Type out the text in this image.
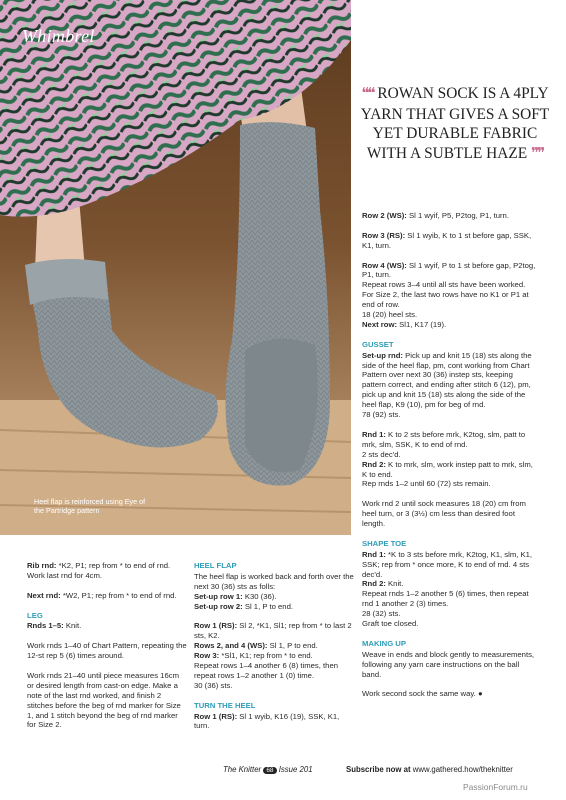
Whimbrel
Heel flap is reinforced using Eye of the Partridge pattern
❝❝ ROWAN SOCK IS A 4PLY YARN THAT GIVES A SOFT YET DURABLE FABRIC WITH A SUBTLE HAZE ❞❞

Rib rnd: *K2, P1; rep from * to end of rnd. Work last rnd for 4cm.

Next rnd: *W2, P1; rep from * to end of rnd.

LEG

Rnds 1–5: Knit.

Work rnds 1–40 of Chart Pattern, repeating the 12-st rep 5 (6) times around.

Work rnds 21–40 until piece measures 16cm or desired length from cast-on edge. Make a note of the last rnd worked, and finish 2 stitches before the beg of rnd marker for Size 1, and 1 stitch beyond the beg of rnd marker for Size 2.

HEEL FLAP

The heel flap is worked back and forth over the next 30 (36) sts as folls:

Set-up row 1: K30 (36).

Set-up row 2: Sl 1, P to end.

Row 1 (RS): Sl 2, *K1, Sl1; rep from * to last 2 sts, K2.

Rows 2, and 4 (WS): Sl 1, P to end.

Row 3: *Sl1, K1; rep from * to end.

Repeat rows 1–4 another 6 (8) times, then repeat rows 1–2 another 1 (0) time.

30 (36) sts.

TURN THE HEEL

Row 1 (RS): Sl 1 wyib, K16 (19), SSK, K1, turn.

Row 2 (WS): Sl 1 wyif, P5, P2tog, P1, turn.

Row 3 (RS): Sl 1 wyib, K to 1 st before gap, SSK, K1, turn.

Row 4 (WS): Sl 1 wyif, P to 1 st before gap, P2tog, P1, turn.

Repeat rows 3–4 until all sts have been worked. For Size 2, the last two rows have no K1 or P1 at end of row.

18 (20) heel sts.

Next row: Sl1, K17 (19).

GUSSET

Set-up rnd: Pick up and knit 15 (18) sts along the side of the heel flap, pm, cont working from Chart Pattern over next 30 (36) instep sts, keeping pattern correct, and ending after stitch 6 (12), pm, pick up and knit 15 (18) sts along the side of the heel flap, K9 (10), pm for beg of rnd.

78 (92) sts.

Rnd 1: K to 2 sts before mrk, K2tog, slm, patt to mrk, slm, SSK, K to end of rnd.

2 sts dec'd.

Rnd 2: K to mrk, slm, work instep patt to mrk, slm, K to end.

Rep rnds 1–2 until 60 (72) sts remain.

Work rnd 2 until sock measures 18 (20) cm from heel turn, or 3 (3½) cm less than desired foot length.

SHAPE TOE

Rnd 1: *K to 3 sts before mrk, K2tog, K1, slm, K1, SSK; rep from * once more, K to end of rnd. 4 sts dec'd.

Rnd 2: Knit.

Repeat rnds 1–2 another 5 (6) times, then repeat rnd 1 another 2 (3) times.

28 (32) sts.

Graft toe closed.

MAKING UP

Weave in ends and block gently to measurements, following any yarn care instructions on the ball band.

Work second sock the same way. ●

The Knitter 68 Issue 201	Subscribe now at www.gathered.how/theknitter
PassionForum.ru
